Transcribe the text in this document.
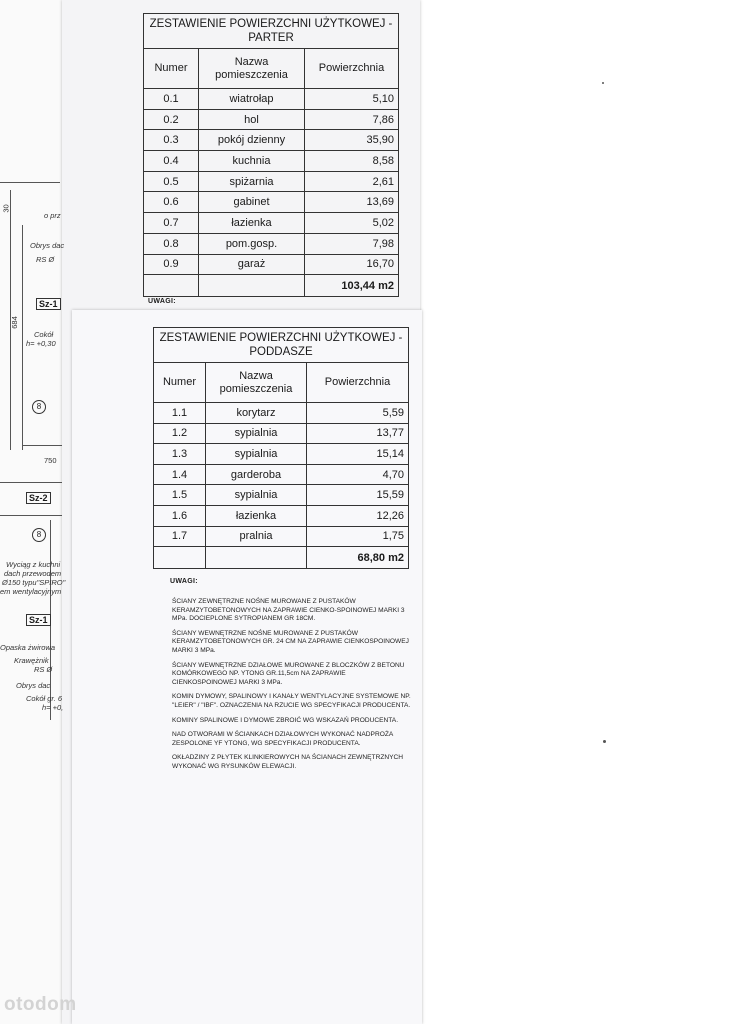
o prz
Obrys dac
RS Ø
Sz-1
Cokół
h= +0,30
8
684
750
30
Sz-2
8
Wyciąg z kuchni
dach przewodem
Ø150 typu"SPIRO"
em wentylacyjnym
Sz-1
Opaska żwirowa
Krawężnik
RS Ø
Obrys dac
Cokół gr. 6
h= +0,
ZESTAWIENIE POWIERZCHNI UŻYTKOWEJ - PARTER		
Numer	Nazwa pomieszczenia	Powierzchnia
0.1	wiatrołap	5,10
0.2	hol	7,86
0.3	pokój dzienny	35,90
0.4	kuchnia	8,58
0.5	spiżarnia	2,61
0.6	gabinet	13,69
0.7	łazienka	5,02
0.8	pom.gosp.	7,98
0.9	garaż	16,70
		103,44 m2
UWAGI:
ZESTAWIENIE POWIERZCHNI UŻYTKOWEJ - PODDASZE		
Numer	Nazwa pomieszczenia	Powierzchnia
1.1	korytarz	5,59
1.2	sypialnia	13,77
1.3	sypialnia	15,14
1.4	garderoba	4,70
1.5	sypialnia	15,59
1.6	łazienka	12,26
1.7	pralnia	1,75
		68,80 m2
UWAGI:

ŚCIANY ZEWNĘTRZNE NOŚNE MUROWANE Z PUSTAKÓW KERAMZYTOBETONOWYCH NA ZAPRAWIE CIENKO-SPOINOWEJ MARKI 3 MPa. DOCIEPLONE SYTROPIANEM GR 18CM.

ŚCIANY WEWNĘTRZNE NOŚNE MUROWANE Z PUSTAKÓW KERAMZYTOBETONOWYCH GR. 24 CM NA ZAPRAWIE CIENKOSPOINOWEJ MARKI 3 MPa.

ŚCIANY WEWNĘTRZNE DZIAŁOWE MUROWANE Z BLOCZKÓW Z BETONU KOMÓRKOWEGO NP. YTONG GR.11,5cm NA ZAPRAWIE CIENKOSPOINOWEJ MARKI 3 MPa.

KOMIN DYMOWY, SPALINOWY I KANAŁY WENTYLACYJNE SYSTEMOWE NP. "LEIER" / "IBF". OZNACZENIA NA RZUCIE WG SPECYFIKACJI PRODUCENTA.

KOMINY SPALINOWE I DYMOWE ZBROIĆ WG WSKAZAŃ PRODUCENTA.

NAD OTWORAMI W ŚCIANKACH DZIAŁOWYCH WYKONAĆ NADPROŻA ZESPOLONE YF YTONG, WG SPECYFIKACJI PRODUCENTA.

OKŁADZINY Z PŁYTEK KLINKIEROWYCH NA ŚCIANACH ZEWNĘTRZNYCH WYKONAĆ WG RYSUNKÓW ELEWACJI.

otodom
